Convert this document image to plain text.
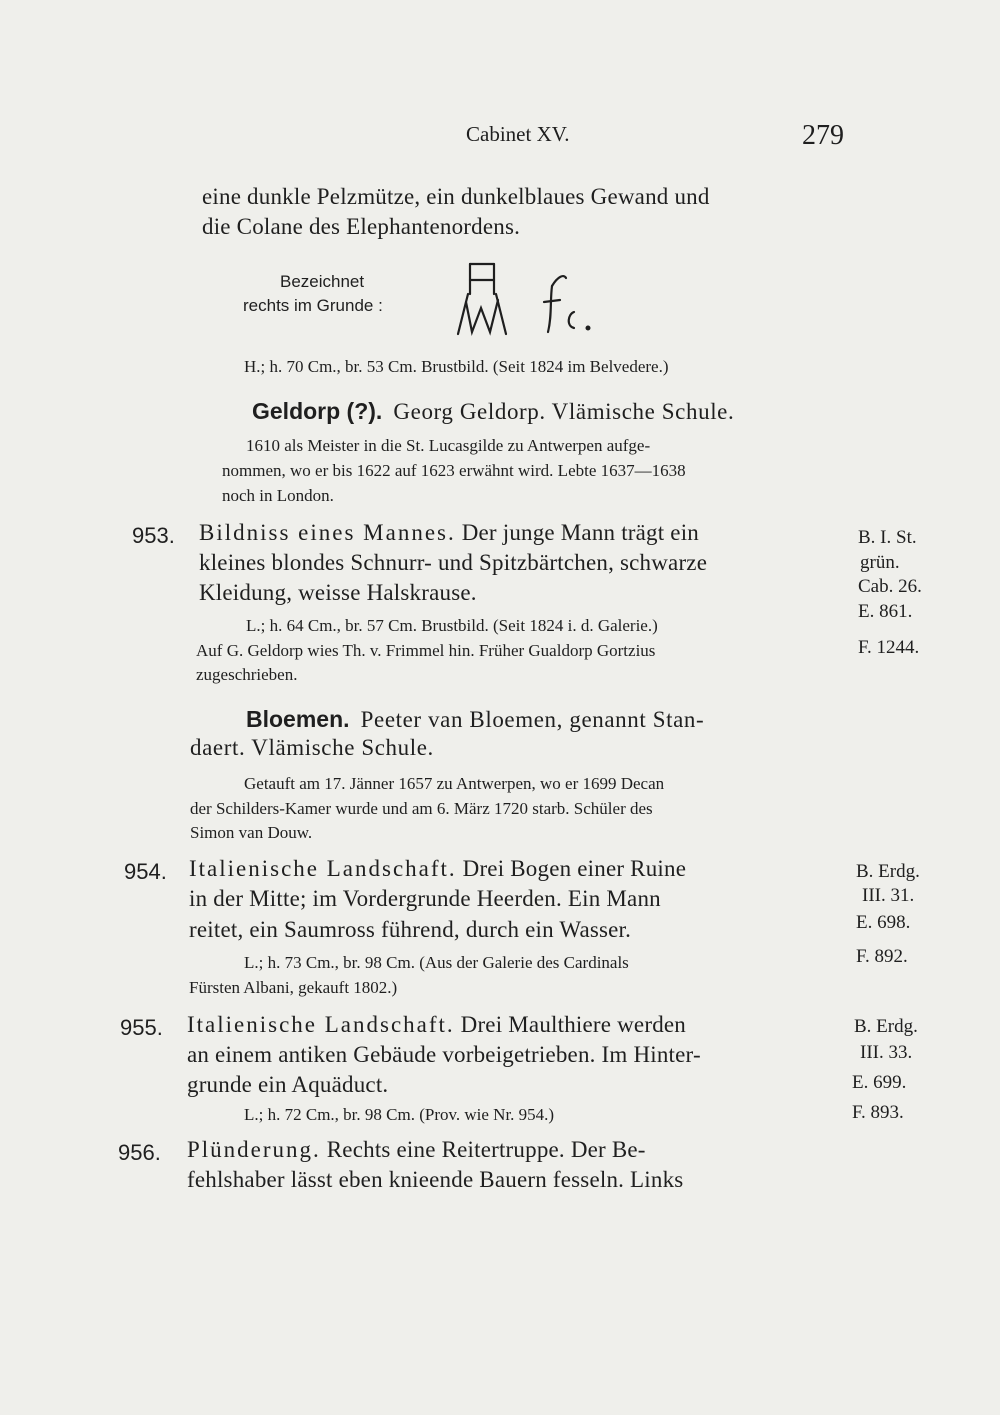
Cabinet XV.	279
eine dunkle Pelzmütze, ein dunkelblaues Gewand und
die Colane des Elephantenordens.
Bezeichnet
rechts im Grunde :
H.; h. 70 Cm., br. 53 Cm. Brustbild. (Seit 1824 im Belvedere.)
Geldorp (?). Georg Geldorp. Vlämische Schule.
1610 als Meister in die St. Lucasgilde zu Antwerpen aufge-
nommen, wo er bis 1622 auf 1623 erwähnt wird. Lebte 1637—1638
noch in London.
953. Bildniss eines Mannes. Der junge Mann trägt ein
kleines blondes Schnurr- und Spitzbärtchen, schwarze
Kleidung, weisse Halskrause.
L.; h. 64 Cm., br. 57 Cm. Brustbild. (Seit 1824 i. d. Galerie.)
Auf G. Geldorp wies Th. v. Frimmel hin. Früher Gualdorp Gortzius
zugeschrieben.
B. I. St.
grün.
Cab. 26.
E. 861.
F. 1244.
Bloemen. Peeter van Bloemen, genannt Stan-
daert. Vlämische Schule.
Getauft am 17. Jänner 1657 zu Antwerpen, wo er 1699 Decan
der Schilders-Kamer wurde und am 6. März 1720 starb. Schüler des
Simon van Douw.
954. Italienische Landschaft. Drei Bogen einer Ruine
in der Mitte; im Vordergrunde Heerden. Ein Mann
reitet, ein Saumross führend, durch ein Wasser.
L.; h. 73 Cm., br. 98 Cm. (Aus der Galerie des Cardinals
Fürsten Albani, gekauft 1802.)
B. Erdg.
III. 31.
E. 698.
F. 892.
955. Italienische Landschaft. Drei Maulthiere werden
an einem antiken Gebäude vorbeigetrieben. Im Hinter-
grunde ein Aquäduct.
L.; h. 72 Cm., br. 98 Cm. (Prov. wie Nr. 954.)
B. Erdg.
III. 33.
E. 699.
F. 893.
956. Plünderung. Rechts eine Reitertruppe. Der Be-
fehlshaber lässt eben knieende Bauern fesseln. Links
